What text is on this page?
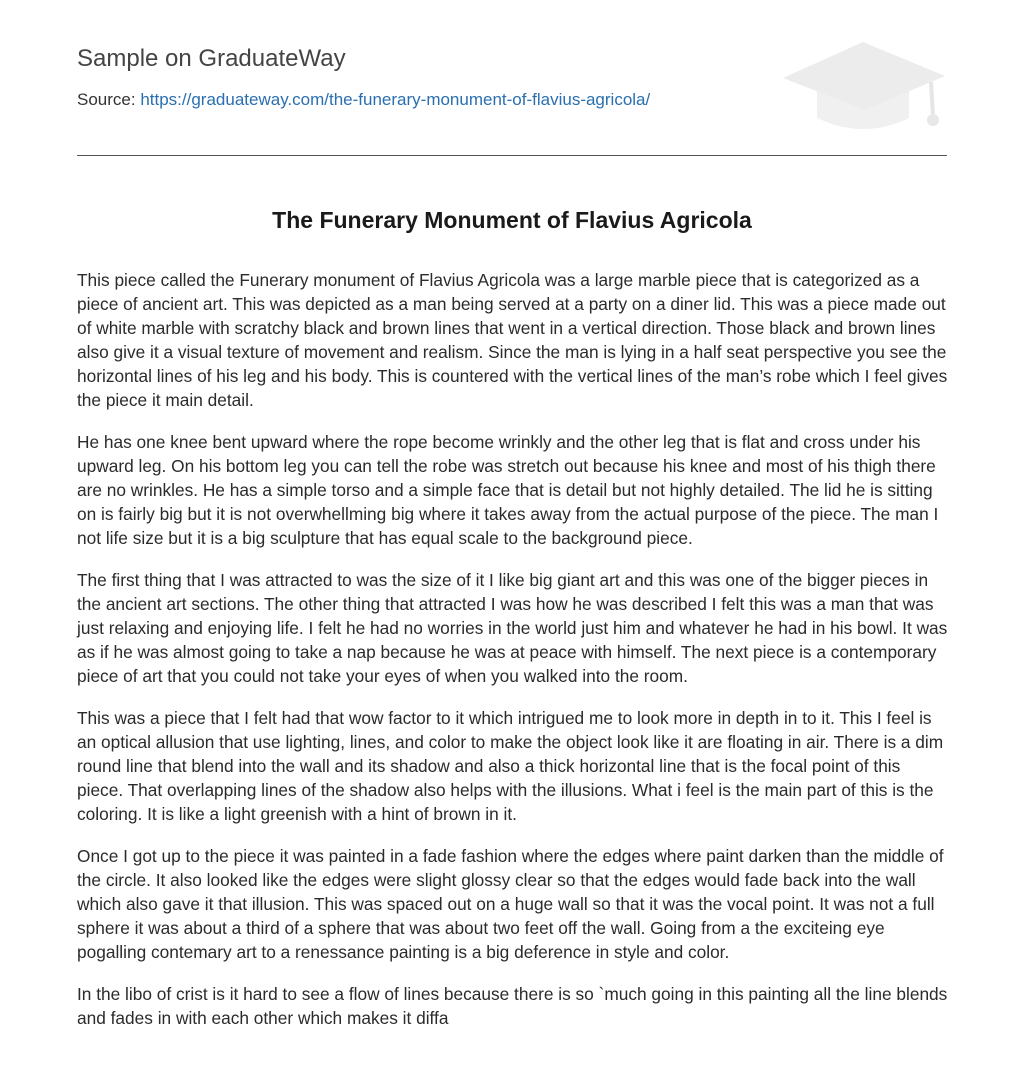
Sample on GraduateWay
Source: https://graduateway.com/the-funerary-monument-of-flavius-agricola/
The Funerary Monument of Flavius Agricola

This piece called the Funerary monument of Flavius Agricola was a large marble piece that is categorized as a piece of ancient art. This was depicted as a man being served at a party on a diner lid. This was a piece made out of white marble with scratchy black and brown lines that went in a vertical direction. Those black and brown lines also give it a visual texture of movement and realism. Since the man is lying in a half seat perspective you see the horizontal lines of his leg and his body. This is countered with the vertical lines of the man’s robe which I feel gives the piece it main detail.

He has one knee bent upward where the rope become wrinkly and the other leg that is flat and cross under his upward leg. On his bottom leg you can tell the robe was stretch out because his knee and most of his thigh there are no wrinkles. He has a simple torso and a simple face that is detail but not highly detailed. The lid he is sitting on is fairly big but it is not overwhellming big where it takes away from the actual purpose of the piece. The man I not life size but it is a big sculpture that has equal scale to the background piece.

The first thing that I was attracted to was the size of it I like big giant art and this was one of the bigger pieces in the ancient art sections. The other thing that attracted I was how he was described I felt this was a man that was just relaxing and enjoying life. I felt he had no worries in the world just him and whatever he had in his bowl. It was as if he was almost going to take a nap because he was at peace with himself. The next piece is a contemporary piece of art that you could not take your eyes of when you walked into the room.

This was a piece that I felt had that wow factor to it which intrigued me to look more in depth in to it. This I feel is an optical allusion that use lighting, lines, and color to make the object look like it are floating in air. There is a dim round line that blend into the wall and its shadow and also a thick horizontal line that is the focal point of this piece. That overlapping lines of the shadow also helps with the illusions. What i feel is the main part of this is the coloring. It is like a light greenish with a hint of brown in it.

Once I got up to the piece it was painted in a fade fashion where the edges where paint darken than the middle of the circle. It also looked like the edges were slight glossy clear so that the edges would fade back into the wall which also gave it that illusion. This was spaced out on a huge wall so that it was the vocal point. It was not a full sphere it was about a third of a sphere that was about two feet off the wall. Going from a the exciteing eye pogalling contemary art to a renessance painting is a big deference in style and color.

In the libo of crist is it hard to see a flow of lines because there is so `much going in this painting all the line blends and fades in with each other which makes it diffa
